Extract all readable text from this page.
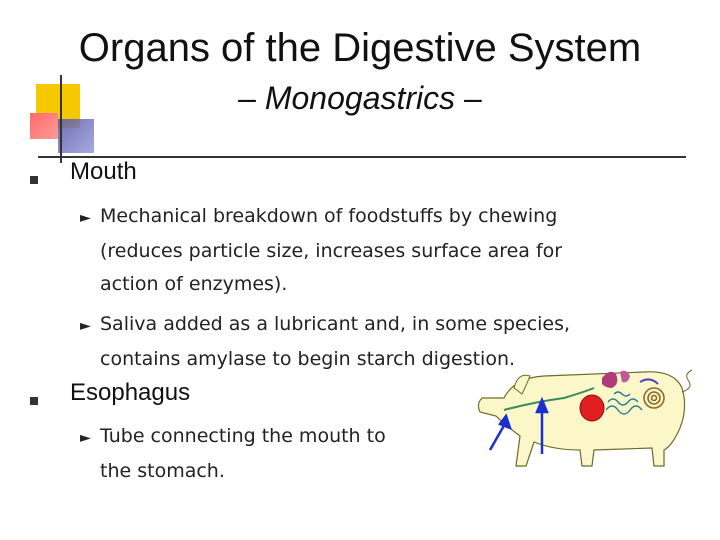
Organs of the Digestive System
– Monogastrics –
Mouth
► Mechanical breakdown of foodstuffs by chewing
(reduces particle size, increases surface area for
action of enzymes).
► Saliva added as a lubricant and, in some species,
contains amylase to begin starch digestion.
Esophagus
► Tube connecting the mouth to
the stomach.
